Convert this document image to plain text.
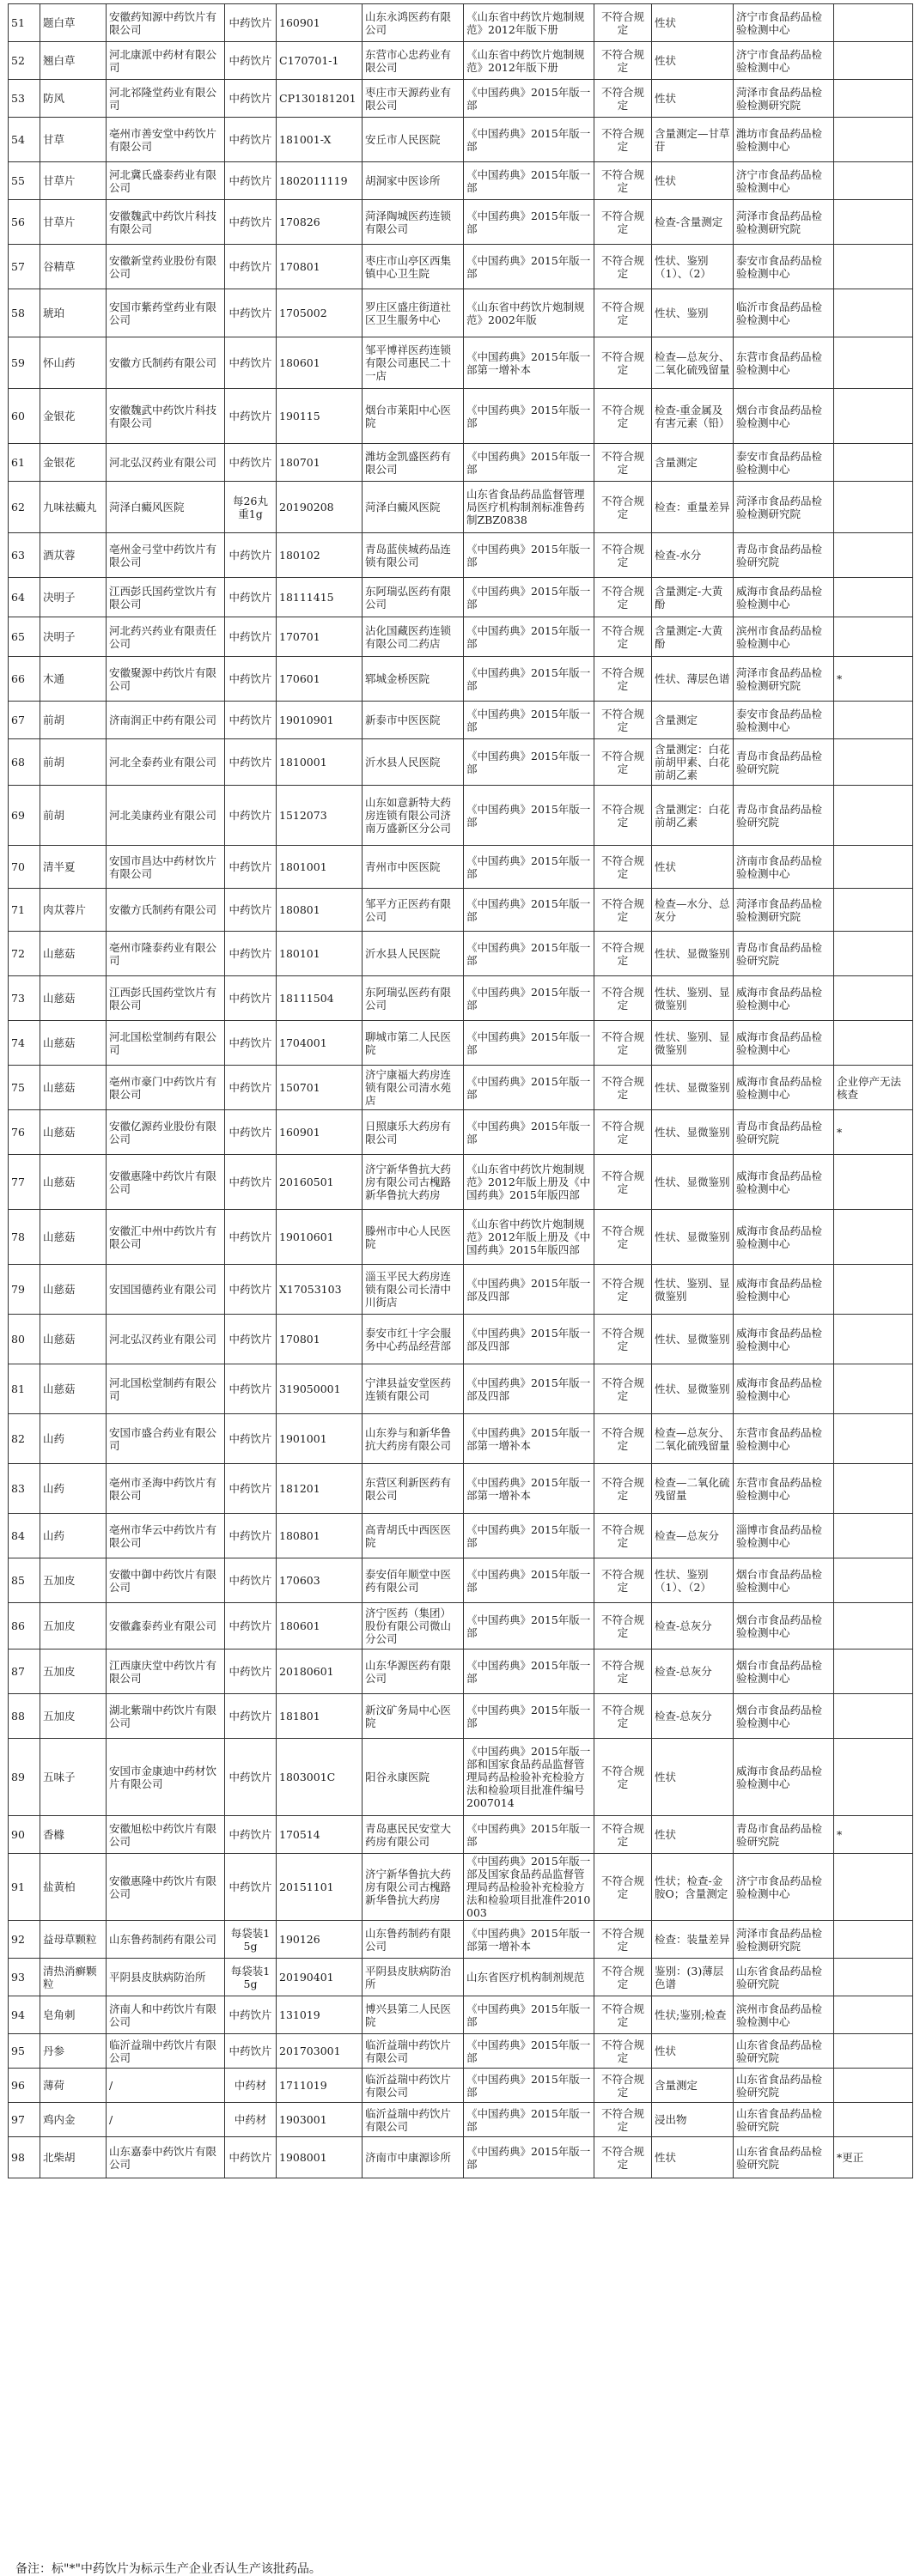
51	题白草	安徽药知源中药饮片有限公司	中药饮片	160901	山东永鸿医药有限公司	《山东省中药饮片炮制规范》2012年版下册	不符合规定	性状	济宁市食品药品检验检测中心	
52	翘白草	河北康派中药材有限公司	中药饮片	C170701-1	东营市心忠药业有限公司	《山东省中药饮片炮制规范》2012年版下册	不符合规定	性状	济宁市食品药品检验检测中心	
53	防风	河北祁隆堂药业有限公司	中药饮片	CP130181201	枣庄市天源药业有限公司	《中国药典》2015年版一部	不符合规定	性状	菏泽市食品药品检验检测研究院	
54	甘草	亳州市善安堂中药饮片有限公司	中药饮片	181001-X	安丘市人民医院	《中国药典》2015年版一部	不符合规定	含量测定—甘草苷	潍坊市食品药品检验检测中心	
55	甘草片	河北冀氏盛泰药业有限公司	中药饮片	1802011119	胡洞家中医诊所	《中国药典》2015年版一部	不符合规定	性状	济宁市食品药品检验检测中心	
56	甘草片	安徽魏武中药饮片科技有限公司	中药饮片	170826	菏泽陶城医药连锁有限公司	《中国药典》2015年版一部	不符合规定	检查-含量测定	菏泽市食品药品检验检测研究院	
57	谷精草	安徽新堂药业股份有限公司	中药饮片	170801	枣庄市山亭区西集镇中心卫生院	《中国药典》2015年版一部	不符合规定	性状、鉴别（1）、（2）	泰安市食品药品检验检测中心	
58	琥珀	安国市紫药堂药业有限公司	中药饮片	1705002	罗庄区盛庄街道社区卫生服务中心	《山东省中药饮片炮制规范》2002年版	不符合规定	性状、鉴别	临沂市食品药品检验检测中心	
59	怀山药	安徽方氏制药有限公司	中药饮片	180601	邹平博祥医药连锁有限公司惠民二十一店	《中国药典》2015年版一部第一增补本	不符合规定	检查—总灰分、二氧化硫残留量	东营市食品药品检验检测中心	
60	金银花	安徽魏武中药饮片科技有限公司	中药饮片	190115	烟台市莱阳中心医院	《中国药典》2015年版一部	不符合规定	检查-重金属及有害元素（铅）	烟台市食品药品检验检测中心	
61	金银花	河北弘汉药业有限公司	中药饮片	180701	潍坊金凯盛医药有限公司	《中国药典》2015年版一部	不符合规定	含量测定	泰安市食品药品检验检测中心	
62	九味祛癜丸	菏泽白癜风医院	每26丸重1g	20190208	菏泽白癜风医院	山东省食品药品监督管理局医疗机构制剂标准鲁药制ZBZ0838	不符合规定	检查：重量差异	菏泽市食品药品检验检测研究院	
63	酒苁蓉	亳州金弓堂中药饮片有限公司	中药饮片	180102	青岛蓝侠城药品连锁有限公司	《中国药典》2015年版一部	不符合规定	检查-水分	青岛市食品药品检验研究院	
64	决明子	江西彭氏国药堂饮片有限公司	中药饮片	18111415	东阿瑞弘医药有限公司	《中国药典》2015年版一部	不符合规定	含量测定-大黄酚	威海市食品药品检验检测中心	
65	决明子	河北药兴药业有限责任公司	中药饮片	170701	沾化国藏医药连锁有限公司二药店	《中国药典》2015年版一部	不符合规定	含量测定-大黄酚	滨州市食品药品检验检测中心	
66	木通	安徽聚源中药饮片有限公司	中药饮片	170601	郓城金桥医院	《中国药典》2015年版一部	不符合规定	性状、薄层色谱	菏泽市食品药品检验检测研究院	*
67	前胡	济南润正中药有限公司	中药饮片	19010901	新泰市中医医院	《中国药典》2015年版一部	不符合规定	含量测定	泰安市食品药品检验检测中心	
68	前胡	河北全泰药业有限公司	中药饮片	1810001	沂水县人民医院	《中国药典》2015年版一部	不符合规定	含量测定：白花前胡甲素、白花前胡乙素	青岛市食品药品检验研究院	
69	前胡	河北美康药业有限公司	中药饮片	1512073	山东如意新特大药房连锁有限公司济南万盛新区分公司	《中国药典》2015年版一部	不符合规定	含量测定：白花前胡乙素	青岛市食品药品检验研究院	
70	清半夏	安国市昌达中药材饮片有限公司	中药饮片	1801001	青州市中医医院	《中国药典》2015年版一部	不符合规定	性状	济南市食品药品检验检测中心	
71	肉苁蓉片	安徽方氏制药有限公司	中药饮片	180801	邹平方正医药有限公司	《中国药典》2015年版一部	不符合规定	检查—水分、总灰分	菏泽市食品药品检验检测研究院	
72	山慈菇	亳州市隆泰药业有限公司	中药饮片	180101	沂水县人民医院	《中国药典》2015年版一部	不符合规定	性状、显微鉴别	青岛市食品药品检验研究院	
73	山慈菇	江西彭氏国药堂饮片有限公司	中药饮片	18111504	东阿瑞弘医药有限公司	《中国药典》2015年版一部	不符合规定	性状、鉴别、显微鉴别	威海市食品药品检验检测中心	
74	山慈菇	河北国松堂制药有限公司	中药饮片	1704001	聊城市第二人民医院	《中国药典》2015年版一部	不符合规定	性状、鉴别、显微鉴别	威海市食品药品检验检测中心	
75	山慈菇	亳州市豪门中药饮片有限公司	中药饮片	150701	济宁康福大药房连锁有限公司清水苑店	《中国药典》2015年版一部	不符合规定	性状、显微鉴别	威海市食品药品检验检测中心	企业停产无法核查
76	山慈菇	安徽亿源药业股份有限公司	中药饮片	160901	日照康乐大药房有限公司	《中国药典》2015年版一部	不符合规定	性状、显微鉴别	青岛市食品药品检验研究院	*
77	山慈菇	安徽惠隆中药饮片有限公司	中药饮片	20160501	济宁新华鲁抗大药房有限公司古槐路新华鲁抗大药房	《山东省中药饮片炮制规范》2012年版上册及《中国药典》2015年版四部	不符合规定	性状、显微鉴别	威海市食品药品检验检测中心	
78	山慈菇	安徽汇中州中药饮片有限公司	中药饮片	19010601	滕州市中心人民医院	《山东省中药饮片炮制规范》2012年版上册及《中国药典》2015年版四部	不符合规定	性状、显微鉴别	威海市食品药品检验检测中心	
79	山慈菇	安国国德药业有限公司	中药饮片	X17053103	淄玉平民大药房连锁有限公司长清中川街店	《中国药典》2015年版一部及四部	不符合规定	性状、鉴别、显微鉴别	威海市食品药品检验检测中心	
80	山慈菇	河北弘汉药业有限公司	中药饮片	170801	泰安市红十字会服务中心药品经营部	《中国药典》2015年版一部及四部	不符合规定	性状、显微鉴别	威海市食品药品检验检测中心	
81	山慈菇	河北国松堂制药有限公司	中药饮片	319050001	宁津县益安堂医药连锁有限公司	《中国药典》2015年版一部及四部	不符合规定	性状、显微鉴别	威海市食品药品检验检测中心	
82	山药	安国市盛合药业有限公司	中药饮片	1901001	山东券与和新华鲁抗大药房有限公司	《中国药典》2015年版一部第一增补本	不符合规定	检查—总灰分、二氧化硫残留量	东营市食品药品检验检测中心	
83	山药	亳州市圣海中药饮片有限公司	中药饮片	181201	东营区利新医药有限公司	《中国药典》2015年版一部第一增补本	不符合规定	检查—二氧化硫残留量	东营市食品药品检验检测中心	
84	山药	亳州市华云中药饮片有限公司	中药饮片	180801	高青胡氏中西医医院	《中国药典》2015年版一部	不符合规定	检查—总灰分	淄博市食品药品检验检测中心	
85	五加皮	安徽中御中药饮片有限公司	中药饮片	170603	泰安佰年顺堂中医药有限公司	《中国药典》2015年版一部	不符合规定	性状、鉴别（1）、（2）	烟台市食品药品检验检测中心	
86	五加皮	安徽鑫泰药业有限公司	中药饮片	180601	济宁医药（集团）股份有限公司微山分公司	《中国药典》2015年版一部	不符合规定	检查-总灰分	烟台市食品药品检验检测中心	
87	五加皮	江西康庆堂中药饮片有限公司	中药饮片	20180601	山东华源医药有限公司	《中国药典》2015年版一部	不符合规定	检查-总灰分	烟台市食品药品检验检测中心	
88	五加皮	湖北紫瑞中药饮片有限公司	中药饮片	181801	新汶矿务局中心医院	《中国药典》2015年版一部	不符合规定	检查-总灰分	烟台市食品药品检验检测中心	
89	五味子	安国市金康迪中药材饮片有限公司	中药饮片	1803001C	阳谷永康医院	《中国药典》2015年版一部和国家食品药品监督管理局药品检验补充检验方法和检验项目批准件编号2007014	不符合规定	性状	威海市食品药品检验检测中心	
90	香橼	安徽旭松中药饮片有限公司	中药饮片	170514	青岛惠民民安堂大药房有限公司	《中国药典》2015年版一部	不符合规定	性状	青岛市食品药品检验研究院	*
91	盐黄柏	安徽惠隆中药饮片有限公司	中药饮片	20151101	济宁新华鲁抗大药房有限公司古槐路新华鲁抗大药房	《中国药典》2015年版一部及国家食品药品监督管理局药品检验补充检验方法和检验项目批准件2010003	不符合规定	性状；检查-金胺O；含量测定	济宁市食品药品检验检测中心	
92	益母草颗粒	山东鲁药制药有限公司	每袋装15g	190126	山东鲁药制药有限公司	《中国药典》2015年版一部第一增补本	不符合规定	检查：装量差异	菏泽市食品药品检验检测研究院	
93	清热消癣颗粒	平阴县皮肤病防治所	每袋装15g	20190401	平阴县皮肤病防治所	山东省医疗机构制剂规范	不符合规定	鉴别：(3)薄层色谱	山东省食品药品检验研究院	
94	皂角刺	济南人和中药饮片有限公司	中药饮片	131019	博兴县第二人民医院	《中国药典》2015年版一部	不符合规定	性状;鉴别;检查	滨州市食品药品检验检测中心	
95	丹参	临沂益瑞中药饮片有限公司	中药饮片	201703001	临沂益瑞中药饮片有限公司	《中国药典》2015年版一部	不符合规定	性状	山东省食品药品检验研究院	
96	薄荷	/	中药材	1711019	临沂益瑞中药饮片有限公司	《中国药典》2015年版一部	不符合规定	含量测定	山东省食品药品检验研究院	
97	鸡内金	/	中药材	1903001	临沂益瑞中药饮片有限公司	《中国药典》2015年版一部	不符合规定	浸出物	山东省食品药品检验研究院	
98	北柴胡	山东嘉泰中药饮片有限公司	中药饮片	1908001	济南市中康源诊所	《中国药典》2015年版一部	不符合规定	性状	山东省食品药品检验研究院	*更正
备注：标"*"中药饮片为标示生产企业否认生产该批药品。
